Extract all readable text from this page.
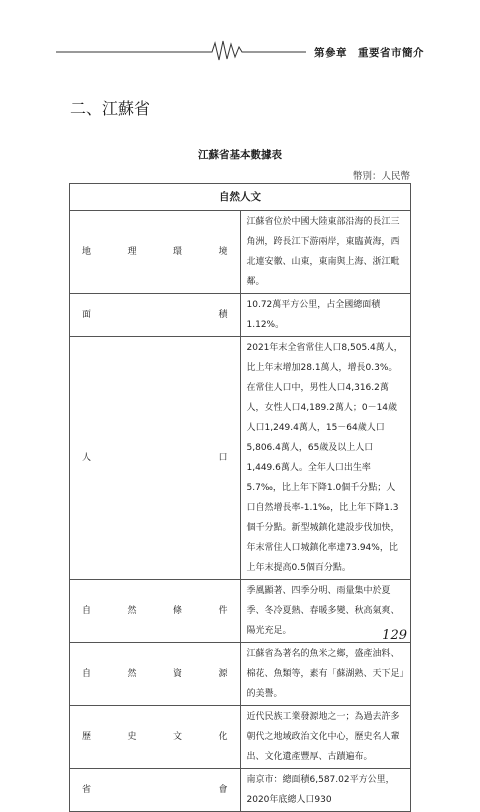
第參章　重要省市簡介
二、江蘇省
江蘇省基本數據表
幣別：人民幣
自然人文	

地 理 環 境	江蘇省位於中國大陸東部沿海的長江三角洲，跨長江下游兩岸，東臨黃海，西北連安徽、山東，東南與上海、浙江毗鄰。

面 積	10.72萬平方公里，占全國總面積1.12%。

人 口	2021年末全省常住人口8,505.4萬人，比上年末增加28.1萬人，增長0.3%。在常住人口中，男性人口4,316.2萬人，女性人口4,189.2萬人；0－14歲人口1,249.4萬人，15－64歲人口5,806.4萬人，65歲及以上人口1,449.6萬人。全年人口出生率5.7‰，比上年下降1.0個千分點；人口自然增長率-1.1‰，比上年下降1.3個千分點。新型城鎮化建設步伐加快，年末常住人口城鎮化率達73.94%，比上年末提高0.5個百分點。

自 然 條 件	季風顯著、四季分明、雨量集中於夏季、冬冷夏熱、春暖多變、秋高氣爽、陽光充足。

自 然 資 源	江蘇省為著名的魚米之鄉，盛產油料、棉花、魚類等，素有「蘇湖熟、天下足」的美譽。

歷 史 文 化	近代民族工業發源地之一；為過去許多朝代之地域政治文化中心，歷史名人輩出、文化遺產豐厚、古蹟遍布。

省 會	南京市：總面積6,587.02平方公里，2020年底總人口930
129
